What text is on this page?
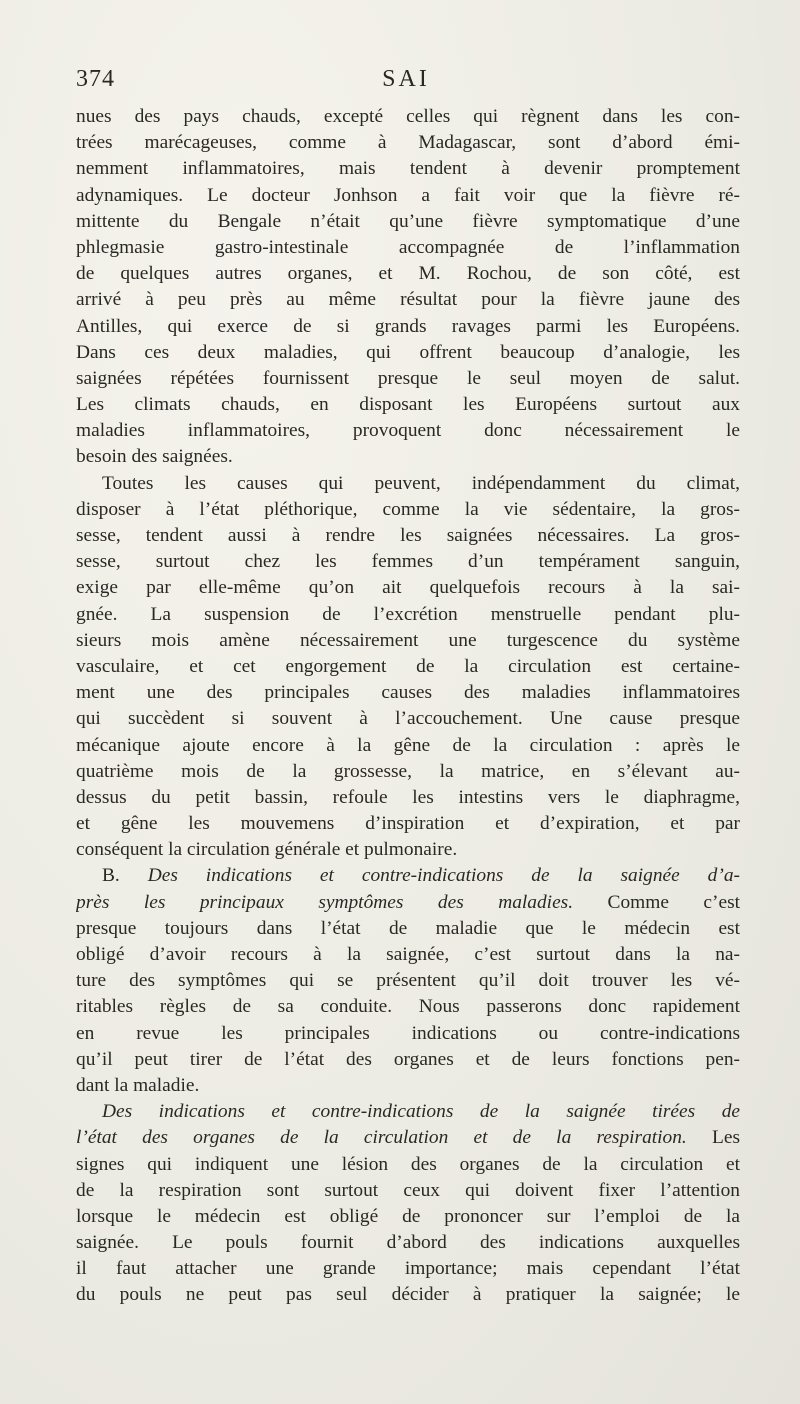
374	SAI
nues des pays chauds, excepté celles qui règnent dans les con-
trées marécageuses, comme à Madagascar, sont d’abord émi-
nemment inflammatoires, mais tendent à devenir promptement
adynamiques. Le docteur Jonhson a fait voir que la fièvre ré-
mittente du Bengale n’était qu’une fièvre symptomatique d’une
phlegmasie gastro-intestinale accompagnée de l’inflammation
de quelques autres organes, et M. Rochou, de son côté, est
arrivé à peu près au même résultat pour la fièvre jaune des
Antilles, qui exerce de si grands ravages parmi les Européens.
Dans ces deux maladies, qui offrent beaucoup d’analogie, les
saignées répétées fournissent presque le seul moyen de salut.
Les climats chauds, en disposant les Européens surtout aux
maladies inflammatoires, provoquent donc nécessairement le
besoin des saignées.
Toutes les causes qui peuvent, indépendamment du climat,
disposer à l’état pléthorique, comme la vie sédentaire, la gros-
sesse, tendent aussi à rendre les saignées nécessaires. La gros-
sesse, surtout chez les femmes d’un tempérament sanguin,
exige par elle-même qu’on ait quelquefois recours à la sai-
gnée. La suspension de l’excrétion menstruelle pendant plu-
sieurs mois amène nécessairement une turgescence du système
vasculaire, et cet engorgement de la circulation est certaine-
ment une des principales causes des maladies inflammatoires
qui succèdent si souvent à l’accouchement. Une cause presque
mécanique ajoute encore à la gêne de la circulation : après le
quatrième mois de la grossesse, la matrice, en s’élevant au-
dessus du petit bassin, refoule les intestins vers le diaphragme,
et gêne les mouvemens d’inspiration et d’expiration, et par
conséquent la circulation générale et pulmonaire.
B. Des indications et contre-indications de la saignée d’a-
près les principaux symptômes des maladies. Comme c’est
presque toujours dans l’état de maladie que le médecin est
obligé d’avoir recours à la saignée, c’est surtout dans la na-
ture des symptômes qui se présentent qu’il doit trouver les vé-
ritables règles de sa conduite. Nous passerons donc rapidement
en revue les principales indications ou contre-indications
qu’il peut tirer de l’état des organes et de leurs fonctions pen-
dant la maladie.
Des indications et contre-indications de la saignée tirées de
l’état des organes de la circulation et de la respiration. Les
signes qui indiquent une lésion des organes de la circulation et
de la respiration sont surtout ceux qui doivent fixer l’attention
lorsque le médecin est obligé de prononcer sur l’emploi de la
saignée. Le pouls fournit d’abord des indications auxquelles
il faut attacher une grande importance; mais cependant l’état
du pouls ne peut pas seul décider à pratiquer la saignée; le
